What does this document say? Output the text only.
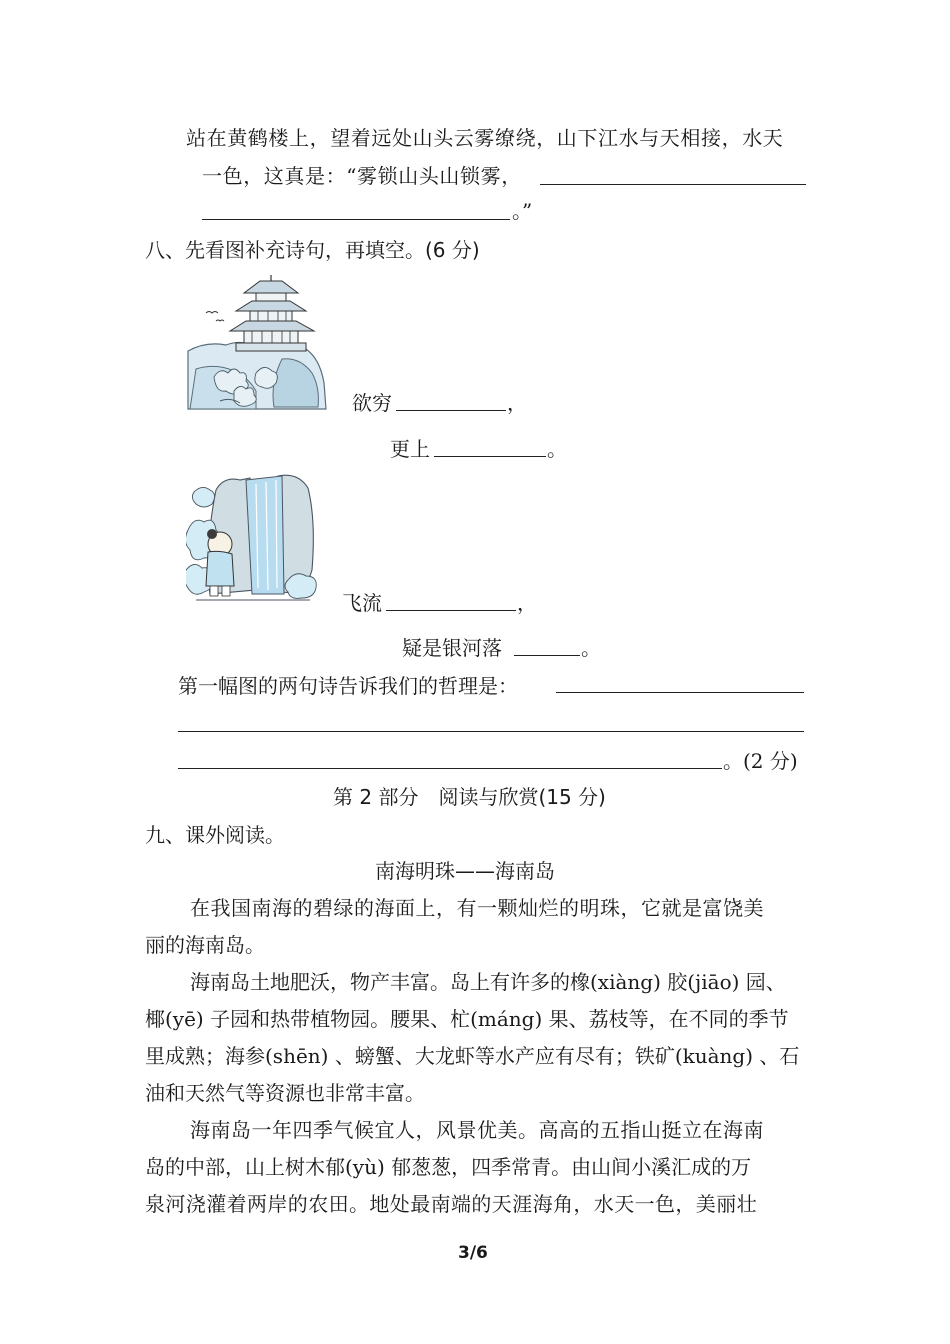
站在黄鹤楼上，望着远处山头云雾缭绕，山下江水与天相接，水天
一色，这真是：“雾锁山头山锁雾，
。”
八、先看图补充诗句，再填空。(6 分)
欲穷	，
更上	。
飞流	，
疑是银河落	。
第一幅图的两句诗告诉我们的哲理是：
。(2 分)
第 2 部分　阅读与欣赏(15 分)
九、课外阅读。
南海明珠——海南岛
在我国南海的碧绿的海面上，有一颗灿烂的明珠，它就是富饶美
丽的海南岛。
海南岛土地肥沃，物产丰富。岛上有许多的橡(xiàng) 胶(jiāo) 园、
椰(yē) 子园和热带植物园。腰果、杧(máng) 果、荔枝等，在不同的季节
里成熟；海参(shēn) 、螃蟹、大龙虾等水产应有尽有；铁矿(kuàng) 、石
油和天然气等资源也非常丰富。
海南岛一年四季气候宜人，风景优美。高高的五指山挺立在海南
岛的中部，山上树木郁(yù) 郁葱葱，四季常青。由山间小溪汇成的万
泉河浇灌着两岸的农田。地处最南端的天涯海角，水天一色，美丽壮
3/6
